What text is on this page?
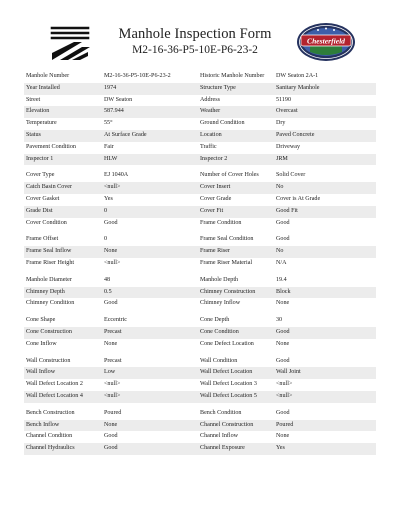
Manhole Inspection Form
M2-16-36-P5-10E-P6-23-2
Chesterfield
Manhole Number	M2-16-36-P5-10E-P6-23-2	Historic Manhole Number	DW Seaton 2A-1
Year Installed	1974	Structure Type	Sanitary Manhole
Street	DW Seaton	Address	51190
Elevation	587.944	Weather	Overcast
Temperature	55°	Ground Condition	Dry
Status	At Surface Grade	Location	Paved Concrete
Pavement Condition	Fair	Traffic	Driveway
Inspector 1	HLW	Inspector 2	JRM
Cover Type	EJ 1040A	Number of Cover Holes	Solid Cover
Catch Basin Cover	<null>	Cover Insert	No
Cover Gasket	Yes	Cover Grade	Cover is At Grade
Grade Dist	0	Cover Fit	Good Fit
Cover Condition	Good	Frame Condition	Good
Frame Offset	0	Frame Seal Condition	Good
Frame Seal Inflow	None	Frame Riser	No
Frame Riser Height	<null>	Frame Riser Material	N/A
Manhole Diameter	48	Manhole Depth	19.4
Chimney Depth	0.5	Chimney Construction	Block
Chimney Condition	Good	Chimney Inflow	None
Cone Shape	Eccentric	Cone Depth	30
Cone Construction	Precast	Cone Condition	Good
Cone Inflow	None	Cone Defect Location	None
Wall Construction	Precast	Wall Condition	Good
Wall Inflow	Low	Wall Defect Location	Wall Joint
Wall Defect Location 2	<null>	Wall Defect Location 3	<null>
Wall Defect Location 4	<null>	Wall Defect Location 5	<null>
Bench Construction	Poured	Bench Condition	Good
Bench Inflow	None	Channel Construction	Poured
Channel Condition	Good	Channel Inflow	None
Channel Hydraulics	Good	Channel Exposure	Yes
